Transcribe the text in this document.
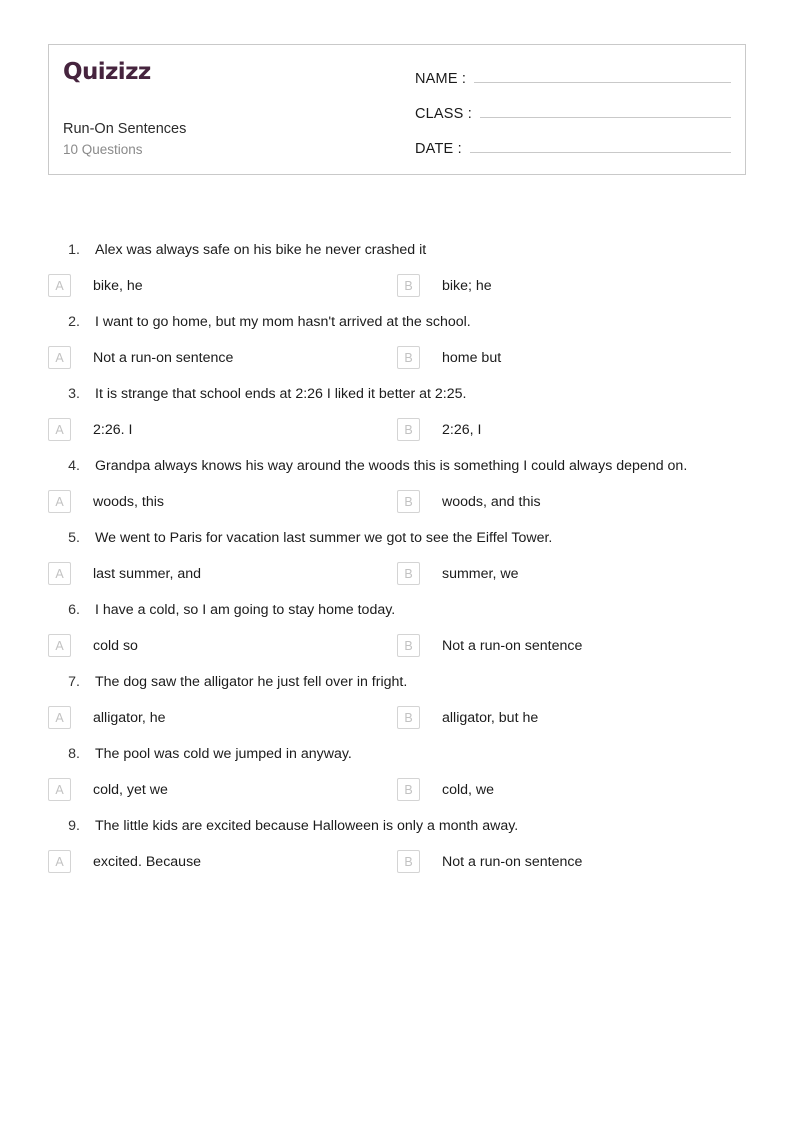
Quizizz
Run-On Sentences
10 Questions
NAME :
CLASS :
DATE :
1. Alex was always safe on his bike he never crashed it
A	bike, he	B	bike; he
2. I want to go home, but my mom hasn't arrived at the school.
A	Not a run-on sentence	B	home but
3. It is strange that school ends at 2:26 I liked it better at 2:25.
A	2:26. I	B	2:26, I
4. Grandpa always knows his way around the woods this is something I could always depend on.
A	woods, this	B	woods, and this
5. We went to Paris for vacation last summer we got to see the Eiffel Tower.
A	last summer, and	B	summer, we
6. I have a cold, so I am going to stay home today.
A	cold so	B	Not a run-on sentence
7. The dog saw the alligator he just fell over in fright.
A	alligator, he	B	alligator, but he
8. The pool was cold we jumped in anyway.
A	cold, yet we	B	cold, we
9. The little kids are excited because Halloween is only a month away.
A	excited. Because	B	Not a run-on sentence
